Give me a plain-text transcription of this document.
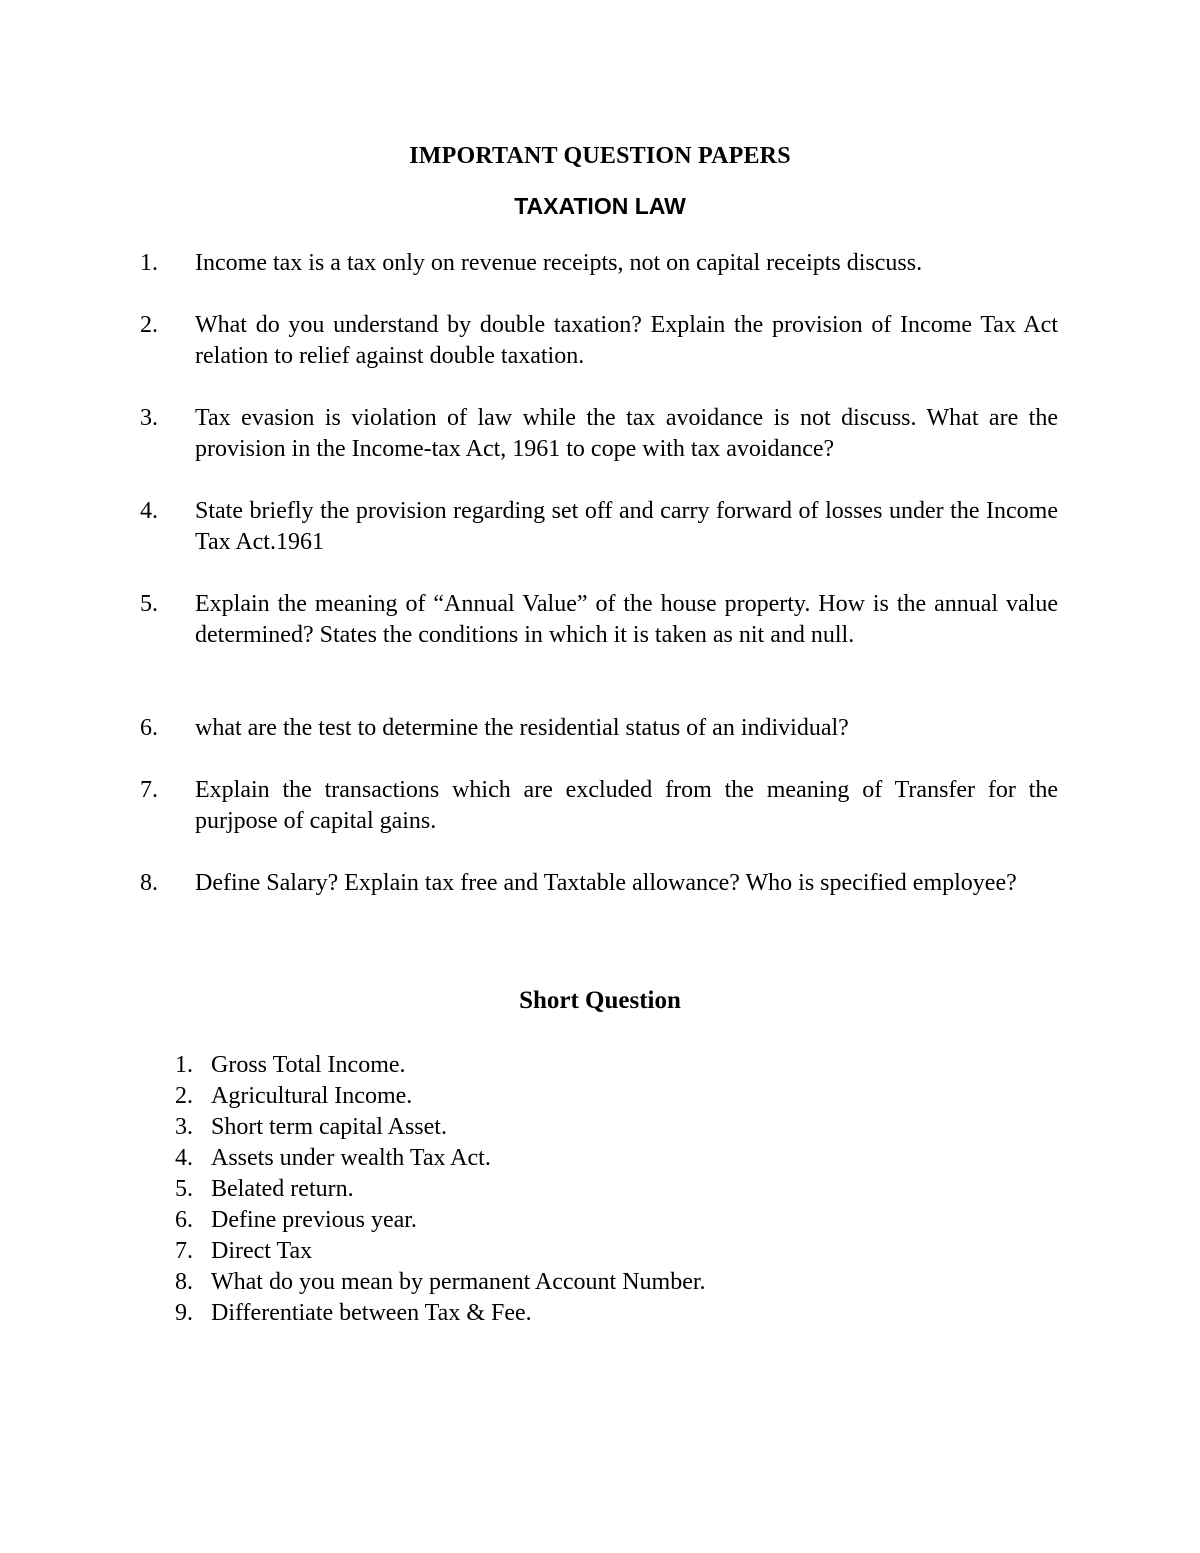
IMPORTANT QUESTION PAPERS
TAXATION LAW
1.	Income tax is a tax only on revenue receipts, not on capital receipts discuss.
2.	What do you understand by double taxation? Explain the provision of Income Tax Act relation to relief against double taxation.
3.	Tax evasion is violation of law while the tax avoidance is not discuss. What are the provision in the Income-tax Act, 1961 to cope with tax avoidance?
4.	State briefly the provision regarding set off and carry forward of losses under the Income Tax Act.1961
5.	Explain the meaning of “Annual Value” of the house property. How is the annual value determined? States the conditions in which it is taken as nit and null.
6.	what are the test to determine the residential status of an individual?
7.	Explain the transactions which are excluded from the meaning of Transfer for the purjpose of capital gains.
8.	Define Salary? Explain tax free and Taxtable allowance? Who is specified employee?
Short Question
1. Gross Total Income.
2. Agricultural Income.
3. Short term capital Asset.
4. Assets under wealth Tax Act.
5. Belated return.
6. Define previous year.
7. Direct Tax
8. What do you mean by permanent Account Number.
9. Differentiate between Tax & Fee.
